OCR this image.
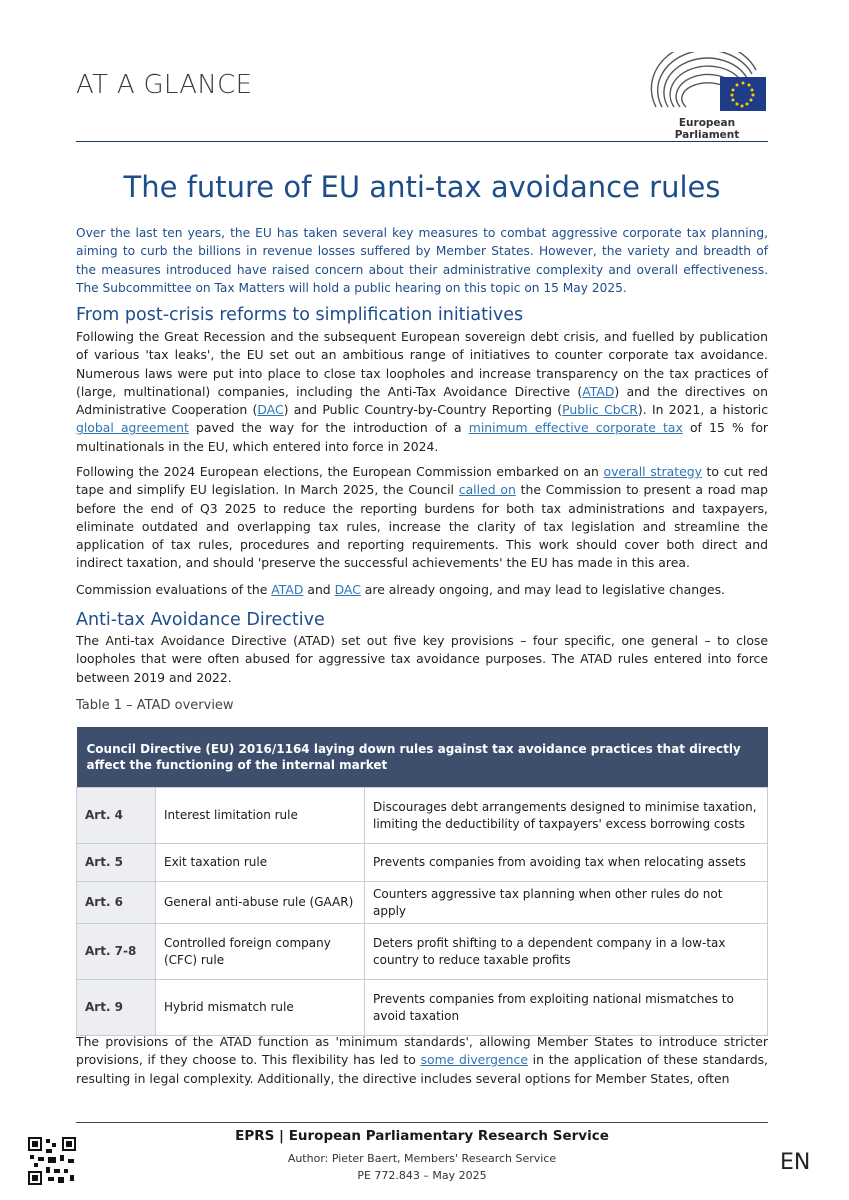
AT A GLANCE
European Parliament
The future of EU anti-tax avoidance rules
Over the last ten years, the EU has taken several key measures to combat aggressive corporate tax planning, aiming to curb the billions in revenue losses suffered by Member States. However, the variety and breadth of the measures introduced have raised concern about their administrative complexity and overall effectiveness. The Subcommittee on Tax Matters will hold a public hearing on this topic on 15 May 2025.
From post-crisis reforms to simplification initiatives
Following the Great Recession and the subsequent European sovereign debt crisis, and fuelled by publication of various 'tax leaks', the EU set out an ambitious range of initiatives to counter corporate tax avoidance. Numerous laws were put into place to close tax loopholes and increase transparency on the tax practices of (large, multinational) companies, including the Anti-Tax Avoidance Directive (ATAD) and the directives on Administrative Cooperation (DAC) and Public Country-by-Country Reporting (Public CbCR). In 2021, a historic global agreement paved the way for the introduction of a minimum effective corporate tax of 15 % for multinationals in the EU, which entered into force in 2024.
Following the 2024 European elections, the European Commission embarked on an overall strategy to cut red tape and simplify EU legislation. In March 2025, the Council called on the Commission to present a road map before the end of Q3 2025 to reduce the reporting burdens for both tax administrations and taxpayers, eliminate outdated and overlapping tax rules, increase the clarity of tax legislation and streamline the application of tax rules, procedures and reporting requirements. This work should cover both direct and indirect taxation, and should 'preserve the successful achievements' the EU has made in this area.
Commission evaluations of the ATAD and DAC are already ongoing, and may lead to legislative changes.
Anti-tax Avoidance Directive
The Anti-tax Avoidance Directive (ATAD) set out five key provisions – four specific, one general – to close loopholes that were often abused for aggressive tax avoidance purposes. The ATAD rules entered into force between 2019 and 2022.
Table 1 – ATAD overview
Council Directive (EU) 2016/1164 laying down rules against tax avoidance practices that directly affect the functioning of the internal market		
Art. 4	Interest limitation rule	Discourages debt arrangements designed to minimise taxation, limiting the deductibility of taxpayers' excess borrowing costs
Art. 5	Exit taxation rule	Prevents companies from avoiding tax when relocating assets
Art. 6	General anti-abuse rule (GAAR)	Counters aggressive tax planning when other rules do not apply
Art. 7-8	Controlled foreign company (CFC) rule	Deters profit shifting to a dependent company in a low-tax country to reduce taxable profits
Art. 9	Hybrid mismatch rule	Prevents companies from exploiting national mismatches to avoid taxation
The provisions of the ATAD function as 'minimum standards', allowing Member States to introduce stricter provisions, if they choose to. This flexibility has led to some divergence in the application of these standards, resulting in legal complexity. Additionally, the directive includes several options for Member States, often
EPRS | European Parliamentary Research Service
Author: Pieter Baert, Members' Research Service
PE 772.843 – May 2025
EN
